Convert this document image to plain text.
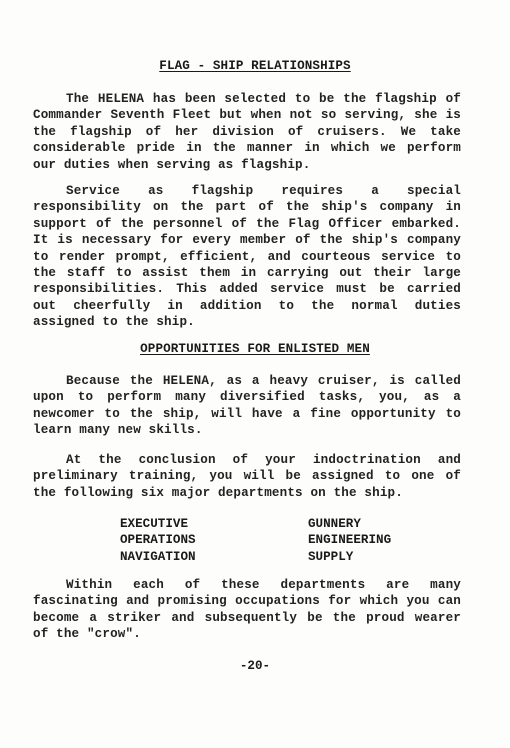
FLAG - SHIP RELATIONSHIPS

The HELENA has been selected to be the flagship of Commander Seventh Fleet but when not so serving, she is the flagship of her division of cruisers. We take considerable pride in the manner in which we perform our duties when serving as flagship.

Service as flagship requires a special responsibility on the part of the ship's company in support of the personnel of the Flag Officer embarked. It is necessary for every member of the ship's company to render prompt, efficient, and courteous service to the staff to assist them in carrying out their large responsibilities. This added service must be carried out cheerfully in addition to the normal duties assigned to the ship.

OPPORTUNITIES FOR ENLISTED MEN

Because the HELENA, as a heavy cruiser, is called upon to perform many diversified tasks, you, as a newcomer to the ship, will have a fine opportunity to learn many new skills.

At the conclusion of your indoctrination and preliminary training, you will be assigned to one of the following six major departments on the ship.

EXECUTIVE
OPERATIONS
NAVIGATION
GUNNERY
ENGINEERING
SUPPLY

Within each of these departments are many fascinating and promising occupations for which you can become a striker and subsequently be the proud wearer of the "crow".

-20-
